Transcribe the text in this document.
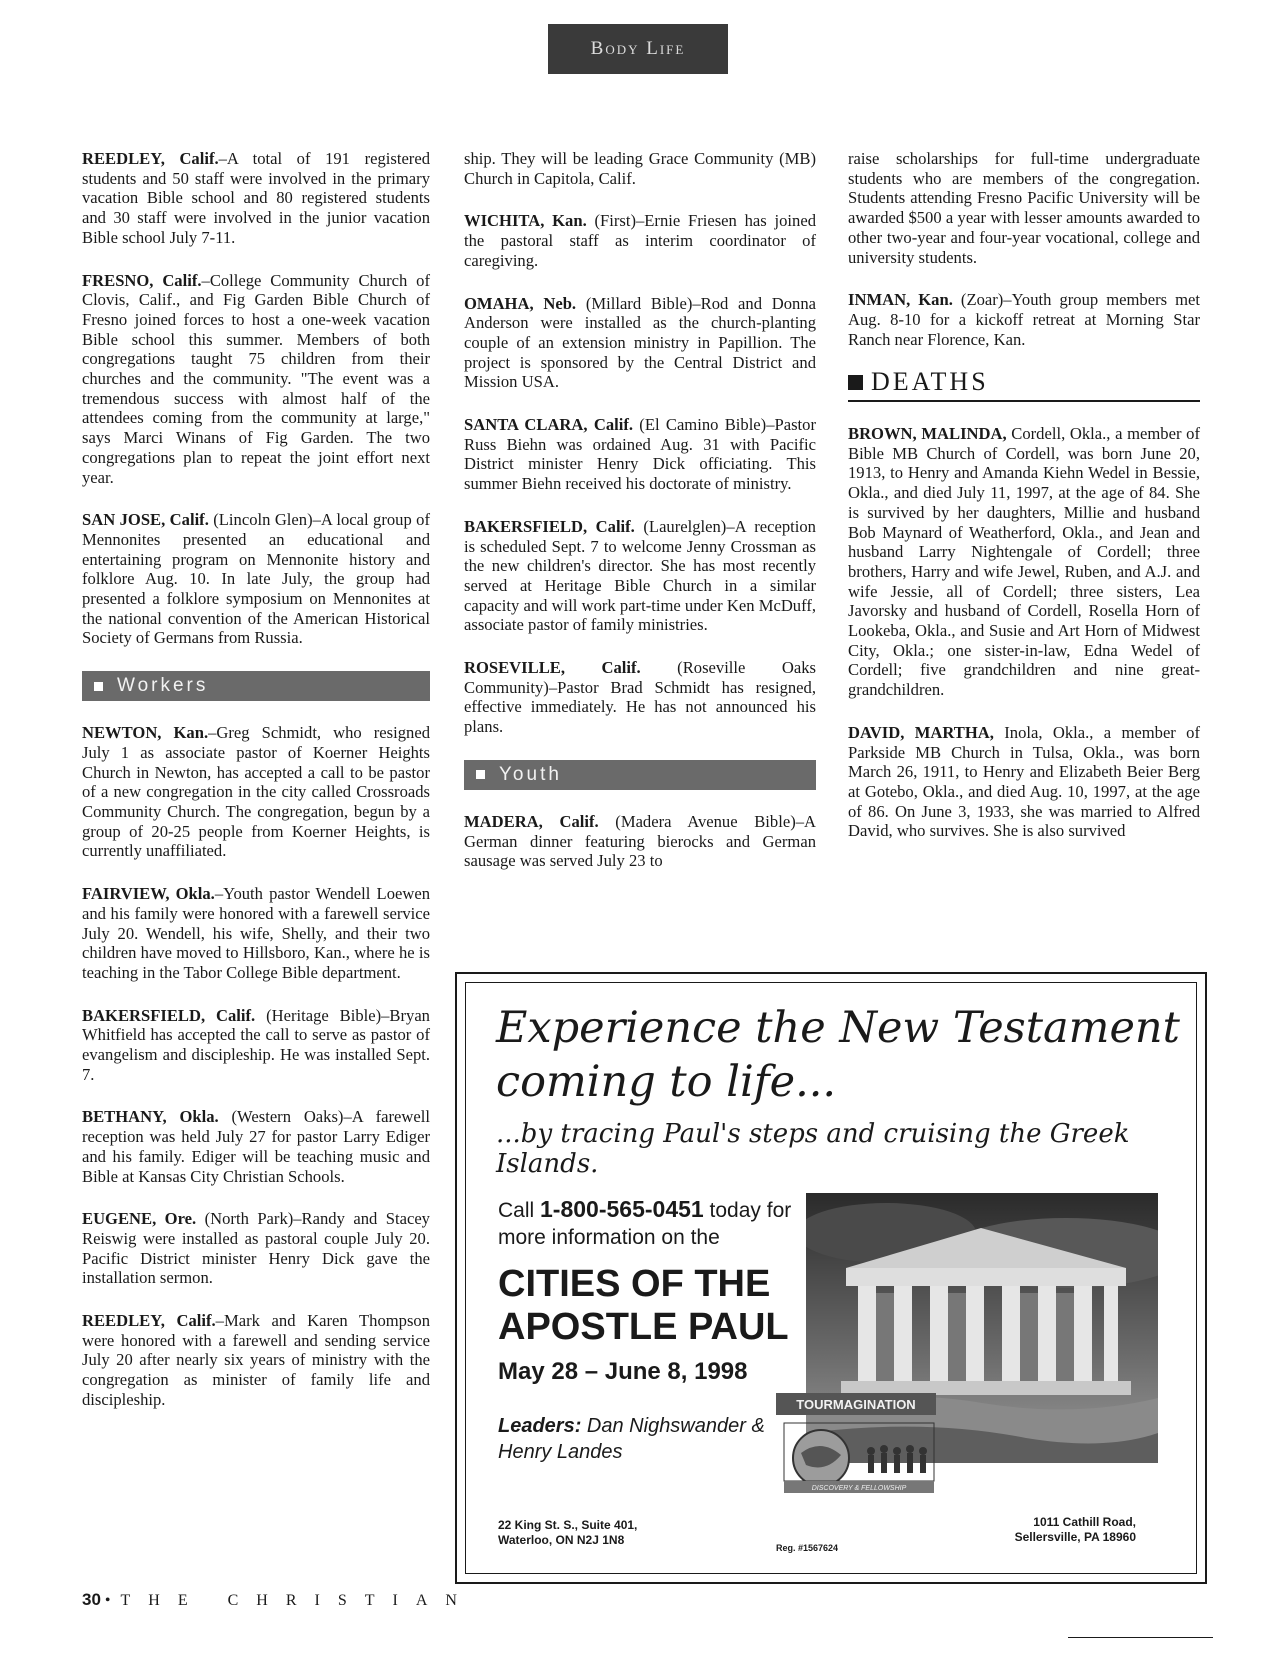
Body Life

REEDLEY, Calif.–A total of 191 registered students and 50 staff were involved in the primary vacation Bible school and 80 registered students and 30 staff were involved in the junior vacation Bible school July 7-11.

FRESNO, Calif.–College Community Church of Clovis, Calif., and Fig Garden Bible Church of Fresno joined forces to host a one-week vacation Bible school this summer. Members of both congregations taught 75 children from their churches and the community. "The event was a tremendous success with almost half of the attendees coming from the community at large," says Marci Winans of Fig Garden. The two congregations plan to repeat the joint effort next year.

SAN JOSE, Calif. (Lincoln Glen)–A local group of Mennonites presented an educational and entertaining program on Mennonite history and folklore Aug. 10. In late July, the group had presented a folklore symposium on Mennonites at the national convention of the American Historical Society of Germans from Russia.

Workers

NEWTON, Kan.–Greg Schmidt, who resigned July 1 as associate pastor of Koerner Heights Church in Newton, has accepted a call to be pastor of a new congregation in the city called Crossroads Community Church. The congregation, begun by a group of 20-25 people from Koerner Heights, is currently unaffiliated.

FAIRVIEW, Okla.–Youth pastor Wendell Loewen and his family were honored with a farewell service July 20. Wendell, his wife, Shelly, and their two children have moved to Hillsboro, Kan., where he is teaching in the Tabor College Bible department.

BAKERSFIELD, Calif. (Heritage Bible)–Bryan Whitfield has accepted the call to serve as pastor of evangelism and discipleship. He was installed Sept. 7.

BETHANY, Okla. (Western Oaks)–A farewell reception was held July 27 for pastor Larry Ediger and his family. Ediger will be teaching music and Bible at Kansas City Christian Schools.

EUGENE, Ore. (North Park)–Randy and Stacey Reiswig were installed as pastoral couple July 20. Pacific District minister Henry Dick gave the installation sermon.

REEDLEY, Calif.–Mark and Karen Thompson were honored with a farewell and sending service July 20 after nearly six years of ministry with the congregation as minister of family life and discipleship.

ship. They will be leading Grace Community (MB) Church in Capitola, Calif.

WICHITA, Kan. (First)–Ernie Friesen has joined the pastoral staff as interim coordinator of caregiving.

OMAHA, Neb. (Millard Bible)–Rod and Donna Anderson were installed as the church-planting couple of an extension ministry in Papillion. The project is sponsored by the Central District and Mission USA.

SANTA CLARA, Calif. (El Camino Bible)–Pastor Russ Biehn was ordained Aug. 31 with Pacific District minister Henry Dick officiating. This summer Biehn received his doctorate of ministry.

BAKERSFIELD, Calif. (Laurelglen)–A reception is scheduled Sept. 7 to welcome Jenny Crossman as the new children's director. She has most recently served at Heritage Bible Church in a similar capacity and will work part-time under Ken McDuff, associate pastor of family ministries.

ROSEVILLE, Calif. (Roseville Oaks Community)–Pastor Brad Schmidt has resigned, effective immediately. He has not announced his plans.

Youth

MADERA, Calif. (Madera Avenue Bible)–A German dinner featuring bierocks and German sausage was served July 23 to

raise scholarships for full-time undergraduate students who are members of the congregation. Students attending Fresno Pacific University will be awarded $500 a year with lesser amounts awarded to other two-year and four-year vocational, college and university students.

INMAN, Kan. (Zoar)–Youth group members met Aug. 8-10 for a kickoff retreat at Morning Star Ranch near Florence, Kan.

DEATHS

BROWN, MALINDA, Cordell, Okla., a member of Bible MB Church of Cordell, was born June 20, 1913, to Henry and Amanda Kiehn Wedel in Bessie, Okla., and died July 11, 1997, at the age of 84. She is survived by her daughters, Millie and husband Bob Maynard of Weatherford, Okla., and Jean and husband Larry Nightengale of Cordell; three brothers, Harry and wife Jewel, Ruben, and A.J. and wife Jessie, all of Cordell; three sisters, Lea Javorsky and husband of Cordell, Rosella Horn of Lookeba, Okla., and Susie and Art Horn of Midwest City, Okla.; one sister-in-law, Edna Wedel of Cordell; five grandchildren and nine great-grandchildren.

DAVID, MARTHA, Inola, Okla., a member of Parkside MB Church in Tulsa, Okla., was born March 26, 1911, to Henry and Elizabeth Beier Berg at Gotebo, Okla., and died Aug. 10, 1997, at the age of 86. On June 3, 1933, she was married to Alfred David, who survives. She is also survived

Experience the New Testament coming to life...
...by tracing Paul's steps and cruising the Greek Islands.
Call 1-800-565-0451 today for more information on the
CITIES OF THE APOSTLE PAUL
May 28 – June 8, 1998
Leaders: Dan Nighswander & Henry Landes
TOURMAGINATION
DISCOVERY & FELLOWSHIP
22 King St. S., Suite 401,
Waterloo, ON N2J 1N8
Reg. #1567624
1011 Cathill Road,
Sellersville, PA 18960
30 • THE CHRISTIAN
